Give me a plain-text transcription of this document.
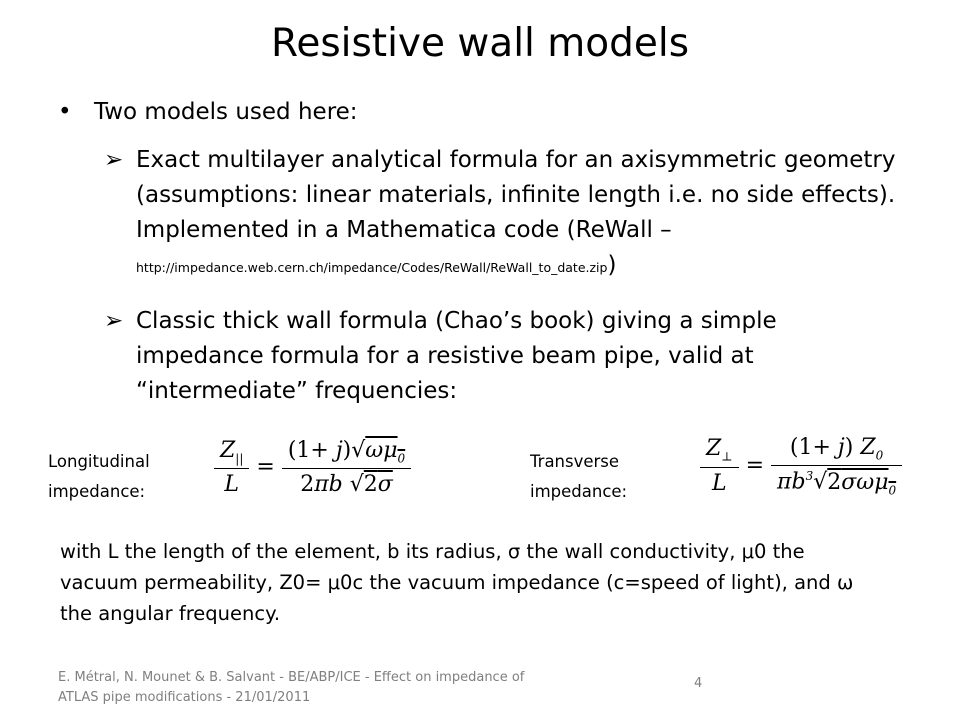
Resistive wall models
• Two models used here:
➢ Exact multilayer analytical formula for an axisymmetric geometry (assumptions: linear materials, infinite length i.e. no side effects). Implemented in a Mathematica code (ReWall – http://impedance.web.cern.ch/impedance/Codes/ReWall/ReWall_to_date.zip)
➢ Classic thick wall formula (Chao’s book) giving a simple impedance formula for a resistive beam pipe, valid at “intermediate” frequencies:
Longitudinal
impedance:	$\frac{Z_{||}}{L} = \frac{(1+ j)√\omega\mu_0}{2\pi b √2\sigma}$	Transverse
impedance:	$\frac{Z_\perp}{L} = \frac{(1+ j) Z_0}{\pi b^3√2\sigma\omega\mu_0}$
with L the length of the element, b its radius, σ the wall conductivity, μ0 the vacuum permeability, Z0= μ0c the vacuum impedance (c=speed of light), and ω the angular frequency.
E. Métral, N. Mounet & B. Salvant - BE/ABP/ICE - Effect on impedance of
ATLAS pipe modifications - 21/01/2011
4
